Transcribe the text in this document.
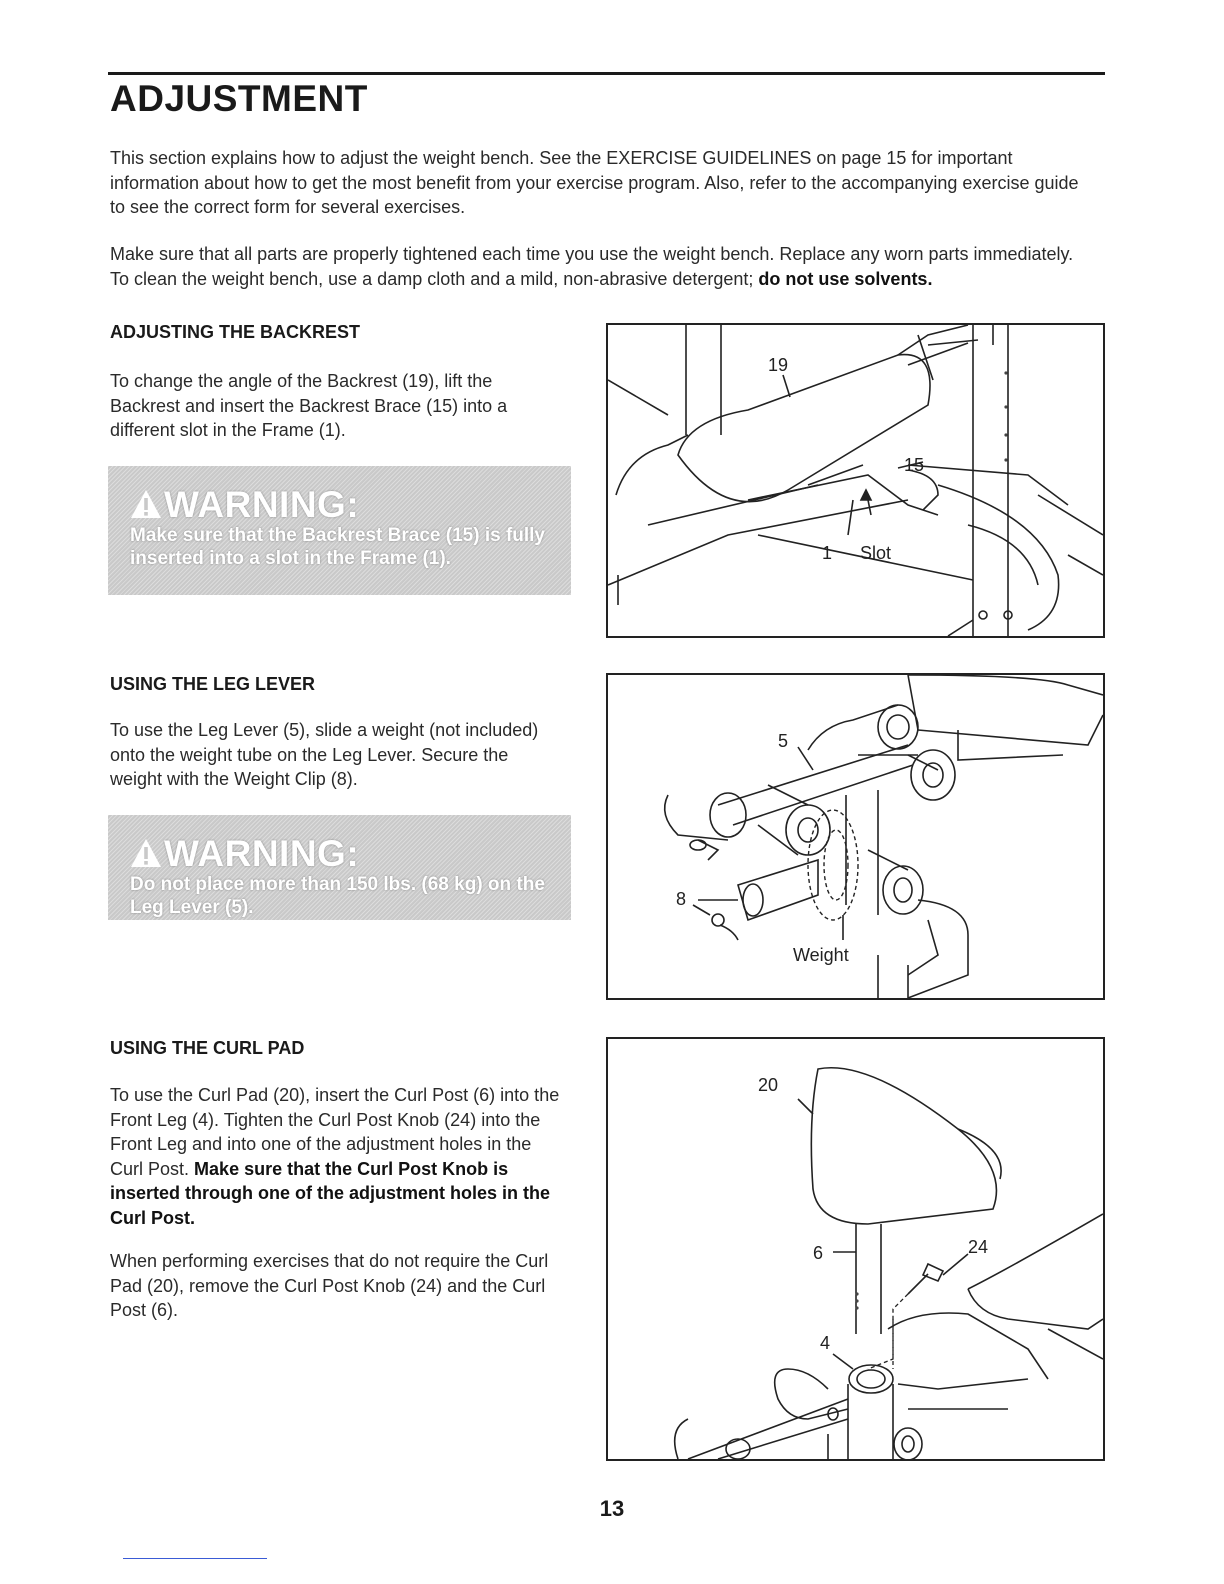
ADJUSTMENT

This section explains how to adjust the weight bench. See the EXERCISE GUIDELINES on page 15 for important information about how to get the most benefit from your exercise program. Also, refer to the accompanying exercise guide to see the correct form for several exercises.

Make sure that all parts are properly tightened each time you use the weight bench. Replace any worn parts immediately. To clean the weight bench, use a damp cloth and a mild, non-abrasive detergent; do not use solvents.

ADJUSTING THE BACKREST

To change the angle of the Backrest (19), lift the Backrest and insert the Backrest Brace (15) into a different slot in the Frame (1).

WARNING:
Make sure that the Backrest Brace (15) is fully inserted into a slot in the Frame (1).
19
15
1 Slot
USING THE LEG LEVER

To use the Leg Lever (5), slide a weight (not included) onto the weight tube on the Leg Lever. Secure the weight with the Weight Clip (8).

WARNING:
Do not place more than 150 lbs. (68 kg) on the Leg Lever (5).
5
8
Weight
USING THE CURL PAD

To use the Curl Pad (20), insert the Curl Post (6) into the Front Leg (4). Tighten the Curl Post Knob (24) into the Front Leg and into one of the adjustment holes in the Curl Post. Make sure that the Curl Post Knob is inserted through one of the adjustment holes in the Curl Post.

When performing exercises that do not require the Curl Pad (20), remove the Curl Post Knob (24) and the Curl Post (6).

20
6	24
4

13
